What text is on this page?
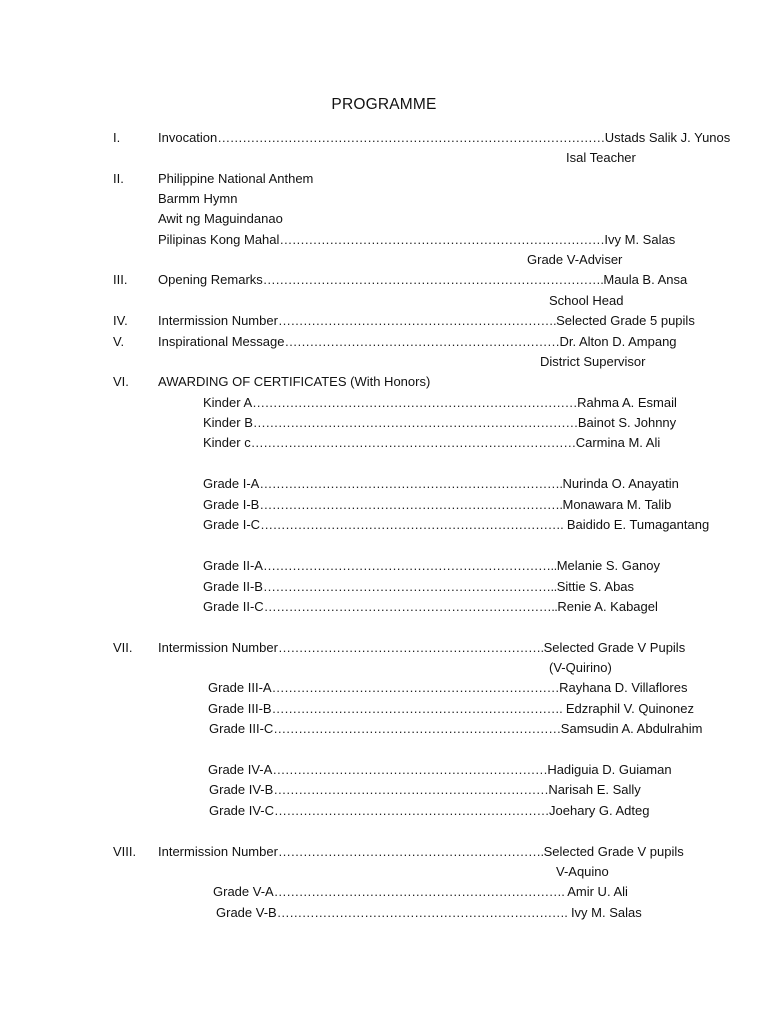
PROGRAMME
I.	Invocation…………………………………………………………………………………Ustads Salik J. Yunos
Isal Teacher
II.	Philippine National Anthem
Barmm Hymn
Awit ng Maguindanao
Pilipinas Kong Mahal……………………………………………………………………Ivy M. Salas
Grade V-Adviser
III. Opening Remarks……………………………………………………………………….Maula B. Ansa
School Head
IV. Intermission Number………………………………………………………….Selected Grade 5 pupils
V.	Inspirational Message…………………………………………………………Dr. Alton D. Ampang
District Supervisor
VI. AWARDING OF CERTIFICATES (With Honors)
Kinder A……………………………………………………………………Rahma A. Esmail
Kinder B……………………………………………………………………Bainot S. Johnny
Kinder c……………………………………………………………………Carmina M. Ali
Grade I-A……………………………………………………………….Nurinda O. Anayatin
Grade I-B……………………………………………………………….Monawara M. Talib
Grade I-C………………………………………………………………. Baidido E. Tumagantang
Grade II-A……………………………………………………………..Melanie S. Ganoy
Grade II-B……………………………………………………………..Sittie S. Abas
Grade II-C……………………………………………………………..Renie A. Kabagel
VII. Intermission Number……………………………………………………….Selected Grade V Pupils
(V-Quirino)
Grade III-A……………………………………………………………Rayhana D. Villaflores
Grade III-B……………………………………………………………. Edzraphil V. Quinonez
Grade III-C……………………………………………………………Samsudin A. Abdulrahim
Grade IV-A…………………………………………………………Hadiguia D. Guiaman
Grade IV-B…………………………………………………………Narisah E. Sally
Grade IV-C…………………………………………………………Joehary G. Adteg
VIII. Intermission Number……………………………………………………….Selected Grade V pupils
V-Aquino
Grade V-A……………………………………………………………. Amir U. Ali
Grade V-B……………………………………………………………. Ivy M. Salas
